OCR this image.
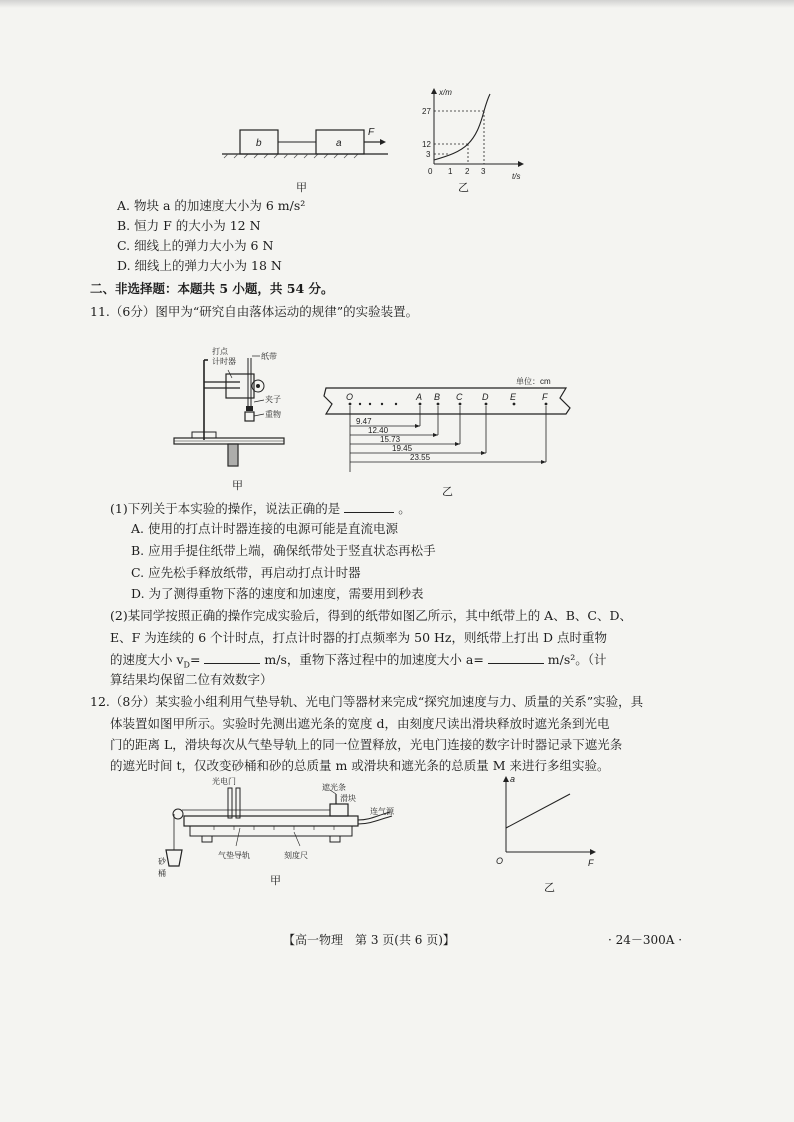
b	a
F
甲
x/m
t/s
27
12
3
0 1 2 3
乙
A. 物块 a 的加速度大小为 6 m/s²
B. 恒力 F 的大小为 12 N
C. 细线上的弹力大小为 6 N
D. 细线上的弹力大小为 18 N
二、非选择题：本题共 5 小题，共 54 分。
11.（6分）图甲为“研究自由落体运动的规律”的实验装置。
打点
计时器
纸带
夹子
重物
甲
单位：cm
O	A B C D E	F
9.47
12.40
15.73
19.45
23.55
乙
(1)下列关于本实验的操作，说法正确的是	。
A. 使用的打点计时器连接的电源可能是直流电源
B. 应用手提住纸带上端，确保纸带处于竖直状态再松手
C. 应先松手释放纸带，再启动打点计时器
D. 为了测得重物下落的速度和加速度，需要用到秒表
(2)某同学按照正确的操作完成实验后，得到的纸带如图乙所示，其中纸带上的 A、B、C、D、
E、F 为连续的 6 个计时点，打点计时器的打点频率为 50 Hz，则纸带上打出 D 点时重物
的速度大小 $v_D=$	m/s，重物下落过程中的加速度大小 a=	m/s²。（计
算结果均保留二位有效数字）
12.（8分）某实验小组利用气垫导轨、光电门等器材来完成“探究加速度与力、质量的关系”实验，具
体装置如图甲所示。实验时先测出遮光条的宽度 d，由刻度尺读出滑块释放时遮光条到光电
门的距离 L，滑块每次从气垫导轨上的同一位置释放，光电门连接的数字计时器记录下遮光条
的遮光时间 t，仅改变砂桶和砂的总质量 m 或滑块和遮光条的总质量 M 来进行多组实验。
光电门
遮光条
滑块
连气源
砂
桶
气垫导轨	刻度尺
甲
a
F
O
乙
【高一物理　第 3 页(共 6 页)】	· 24－300A ·
